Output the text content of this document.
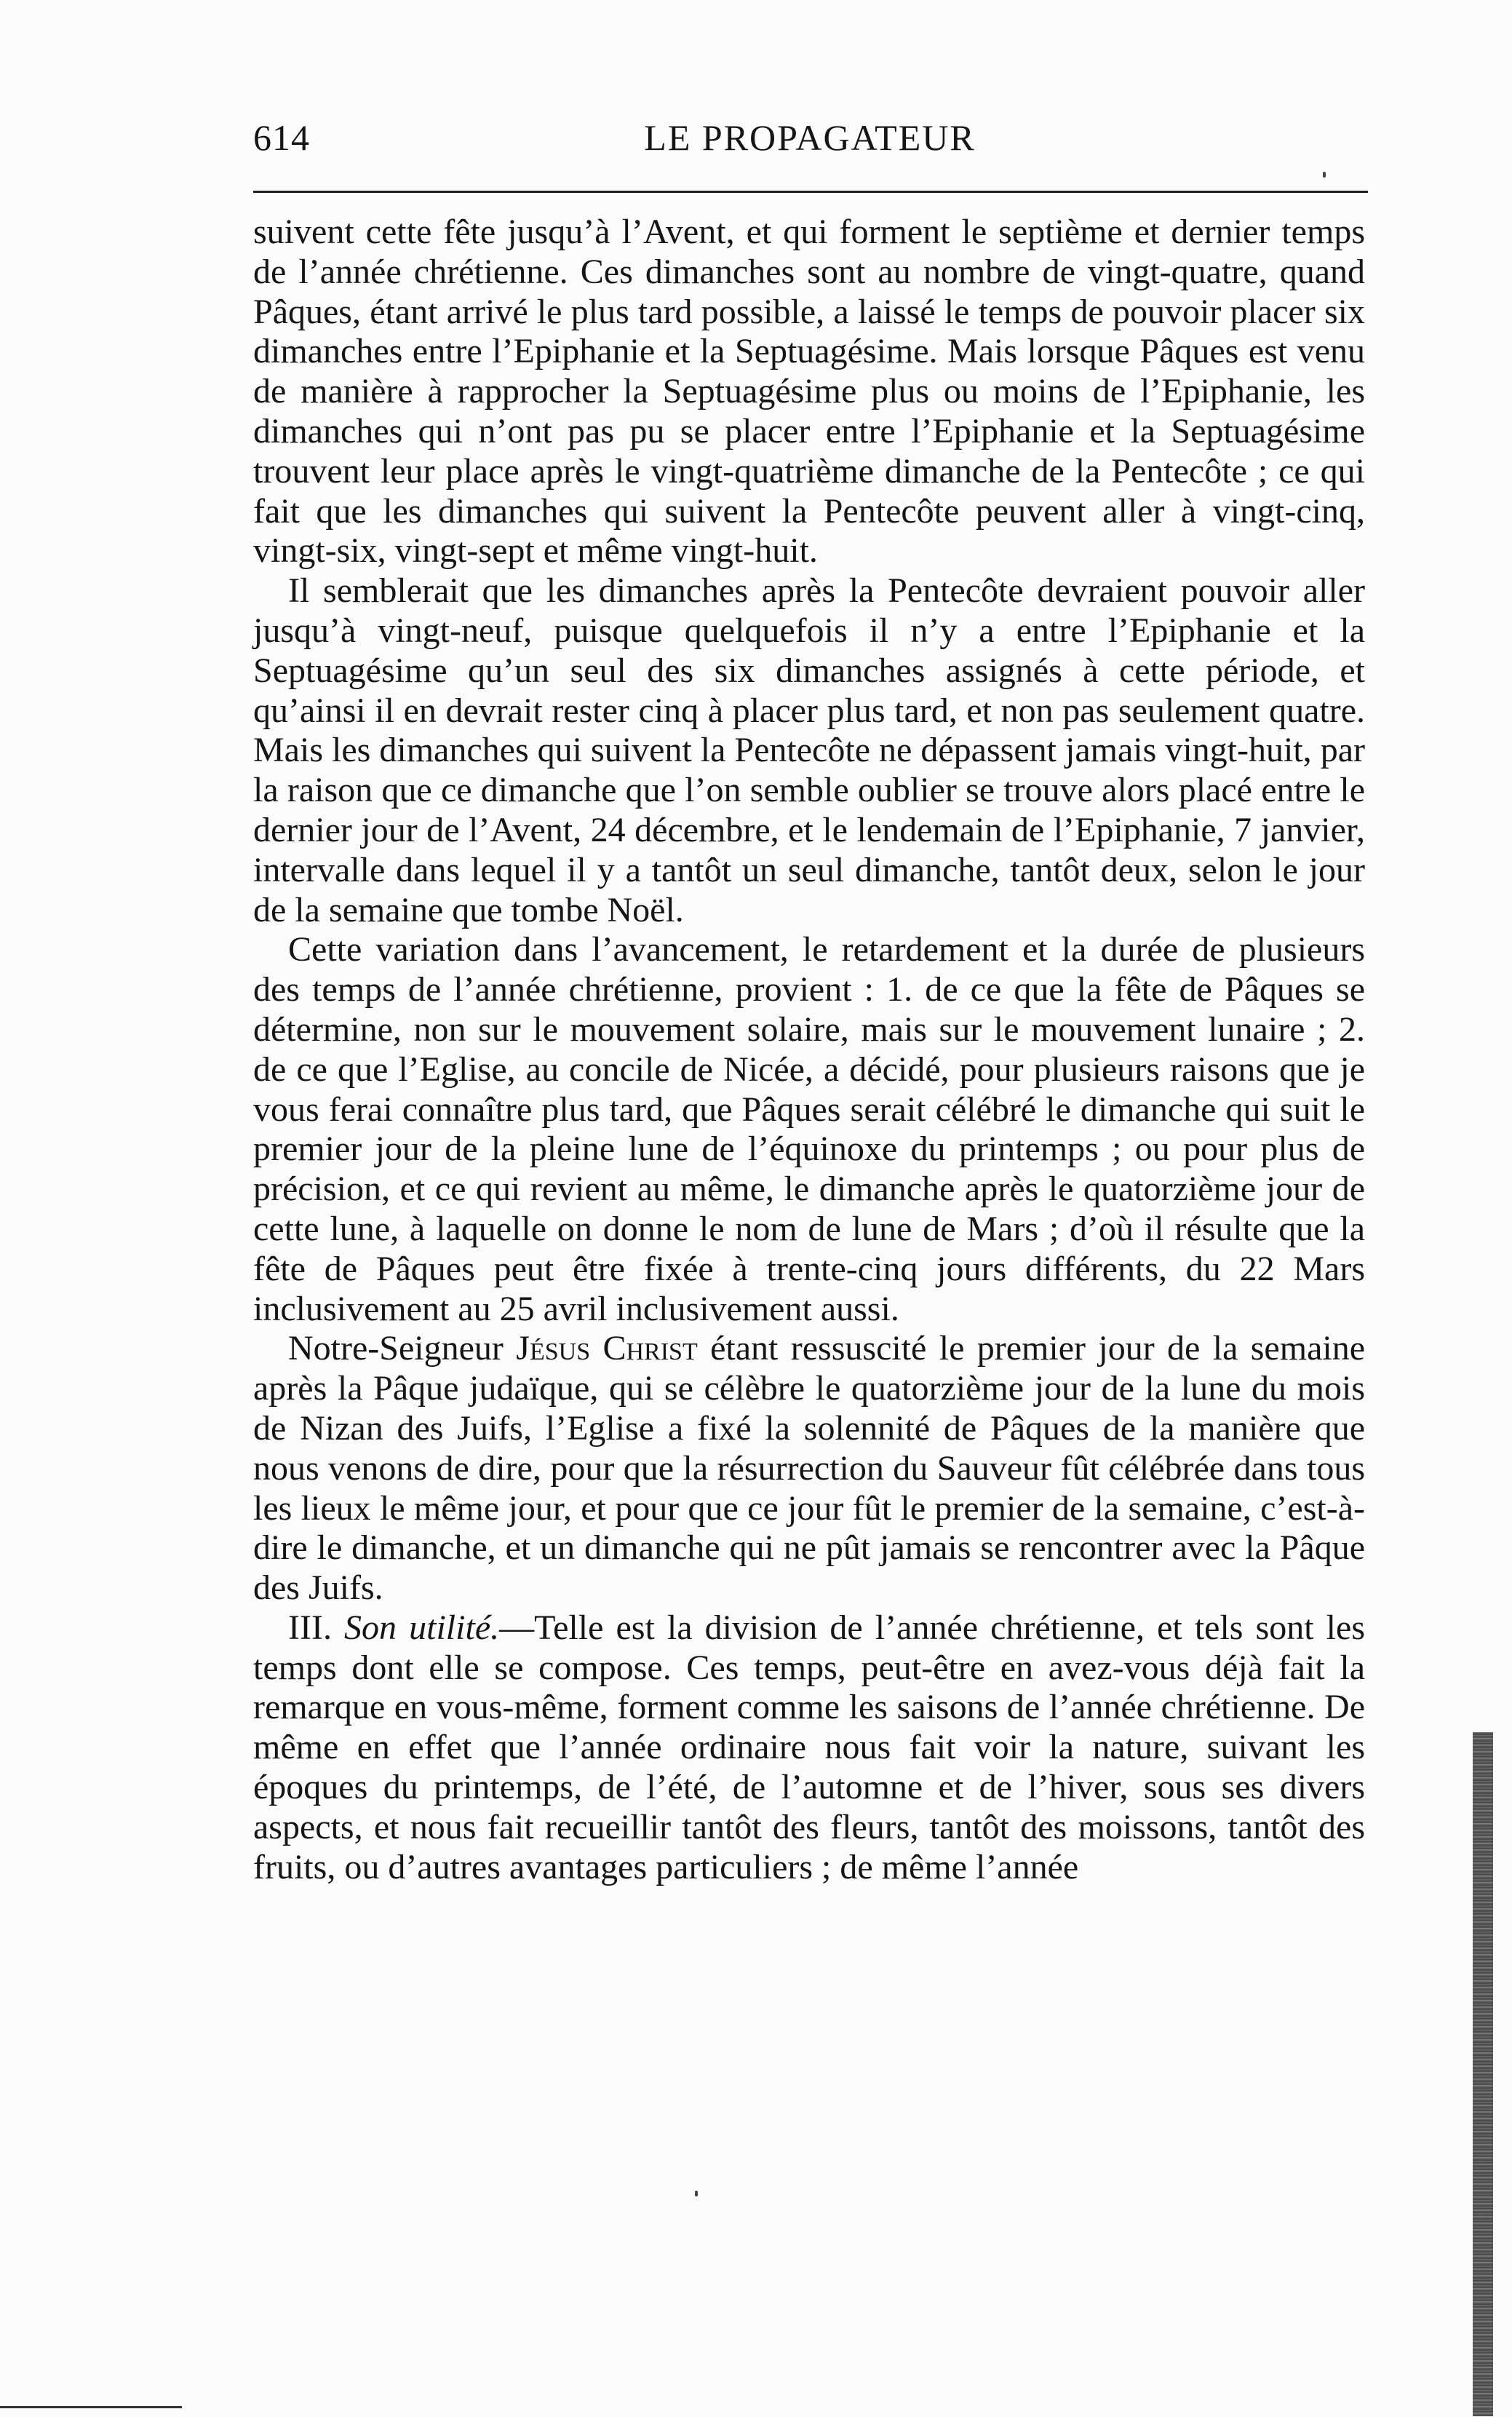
614	LE PROPAGATEUR

suivent cette fête jusqu’à l’Avent, et qui forment le septième et dernier temps de l’année chrétienne. Ces dimanches sont au nombre de vingt-quatre, quand Pâques, étant arrivé le plus tard possible, a laissé le temps de pouvoir placer six dimanches entre l’Epiphanie et la Septuagésime. Mais lorsque Pâques est venu de manière à rapprocher la Septuagésime plus ou moins de l’Epiphanie, les dimanches qui n’ont pas pu se placer entre l’Epiphanie et la Septuagésime trouvent leur place après le vingt-quatrième dimanche de la Pentecôte ; ce qui fait que les dimanches qui suivent la Pentecôte peuvent aller à vingt-cinq, vingt-six, vingt-sept et même vingt-huit.

Il semblerait que les dimanches après la Pentecôte devraient pouvoir aller jusqu’à vingt-neuf, puisque quelquefois il n’y a entre l’Epiphanie et la Septuagésime qu’un seul des six dimanches assignés à cette période, et qu’ainsi il en devrait rester cinq à placer plus tard, et non pas seulement quatre. Mais les dimanches qui suivent la Pentecôte ne dépassent jamais vingt-huit, par la raison que ce dimanche que l’on semble oublier se trouve alors placé entre le dernier jour de l’Avent, 24 décembre, et le lendemain de l’Epiphanie, 7 janvier, intervalle dans lequel il y a tantôt un seul dimanche, tantôt deux, selon le jour de la semaine que tombe Noël.

Cette variation dans l’avancement, le retardement et la durée de plusieurs des temps de l’année chrétienne, provient : 1. de ce que la fête de Pâques se détermine, non sur le mouvement solaire, mais sur le mouvement lunaire ; 2. de ce que l’Eglise, au concile de Nicée, a décidé, pour plusieurs raisons que je vous ferai connaître plus tard, que Pâques serait célébré le dimanche qui suit le premier jour de la pleine lune de l’équinoxe du printemps ; ou pour plus de précision, et ce qui revient au même, le dimanche après le quatorzième jour de cette lune, à laquelle on donne le nom de lune de Mars ; d’où il résulte que la fête de Pâques peut être fixée à trente-cinq jours différents, du 22 Mars inclusivement au 25 avril inclusivement aussi.

Notre-Seigneur Jésus Christ étant ressuscité le premier jour de la semaine après la Pâque judaïque, qui se célèbre le quatorzième jour de la lune du mois de Nizan des Juifs, l’Eglise a fixé la solennité de Pâques de la manière que nous venons de dire, pour que la résurrection du Sauveur fût célébrée dans tous les lieux le même jour, et pour que ce jour fût le premier de la semaine, c’est-à-dire le dimanche, et un dimanche qui ne pût jamais se rencontrer avec la Pâque des Juifs.

III. Son utilité.—Telle est la division de l’année chrétienne, et tels sont les temps dont elle se compose. Ces temps, peut-être en avez-vous déjà fait la remarque en vous-même, forment comme les saisons de l’année chrétienne. De même en effet que l’année ordinaire nous fait voir la nature, suivant les époques du printemps, de l’été, de l’automne et de l’hiver, sous ses divers aspects, et nous fait recueillir tantôt des fleurs, tantôt des moissons, tantôt des fruits, ou d’autres avantages particuliers ; de même l’année
